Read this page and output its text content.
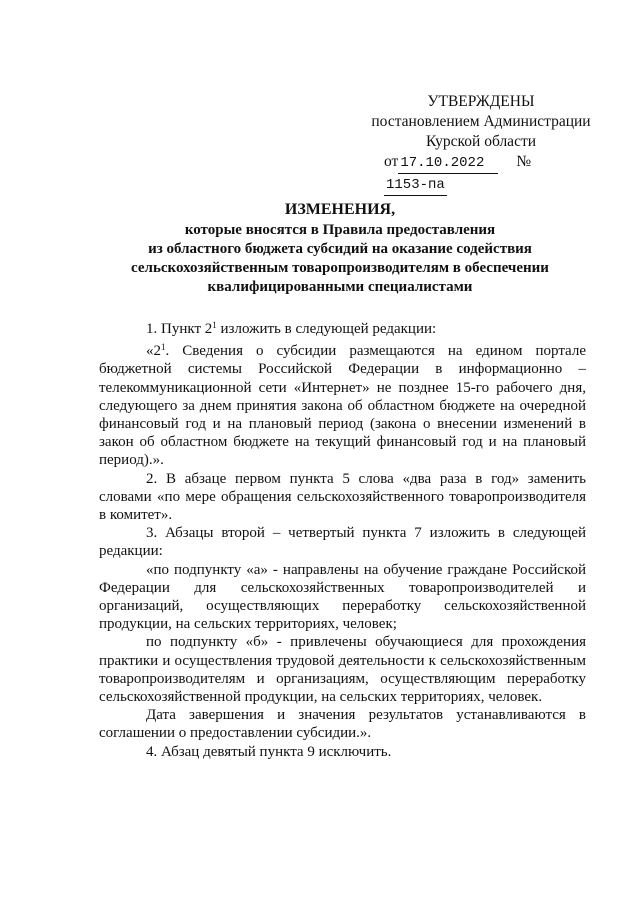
УТВЕРЖДЕНЫ
постановлением Администрации
Курской области
от 17.10.2022 № 1153-па
ИЗМЕНЕНИЯ,
которые вносятся в Правила предоставления
из областного бюджета субсидий на оказание содействия
сельскохозяйственным товаропроизводителям в обеспечении
квалифицированными специалистами

1. Пункт $2^1$ изложить в следующей редакции:

«$2^1$. Сведения о субсидии размещаются на едином портале бюджетной системы Российской Федерации в информационно – телекоммуникационной сети «Интернет» не позднее 15-го рабочего дня, следующего за днем принятия закона об областном бюджете на очередной финансовый год и на плановый период (закона о внесении изменений в закон об областном бюджете на текущий финансовый год и на плановый период).».

2. В абзаце первом пункта 5 слова «два раза в год» заменить словами «по мере обращения сельскохозяйственного товаропроизводителя в комитет».

3. Абзацы второй – четвертый пункта 7 изложить в следующей редакции:

«по подпункту «а» - направлены на обучение граждане Российской Федерации для сельскохозяйственных товаропроизводителей и организаций, осуществляющих переработку сельскохозяйственной продукции, на сельских территориях, человек;

по подпункту «б» - привлечены обучающиеся для прохождения практики и осуществления трудовой деятельности к сельскохозяйственным товаропроизводителям и организациям, осуществляющим переработку сельскохозяйственной продукции, на сельских территориях, человек.

Дата завершения и значения результатов устанавливаются в соглашении о предоставлении субсидии.».

4. Абзац девятый пункта 9 исключить.
